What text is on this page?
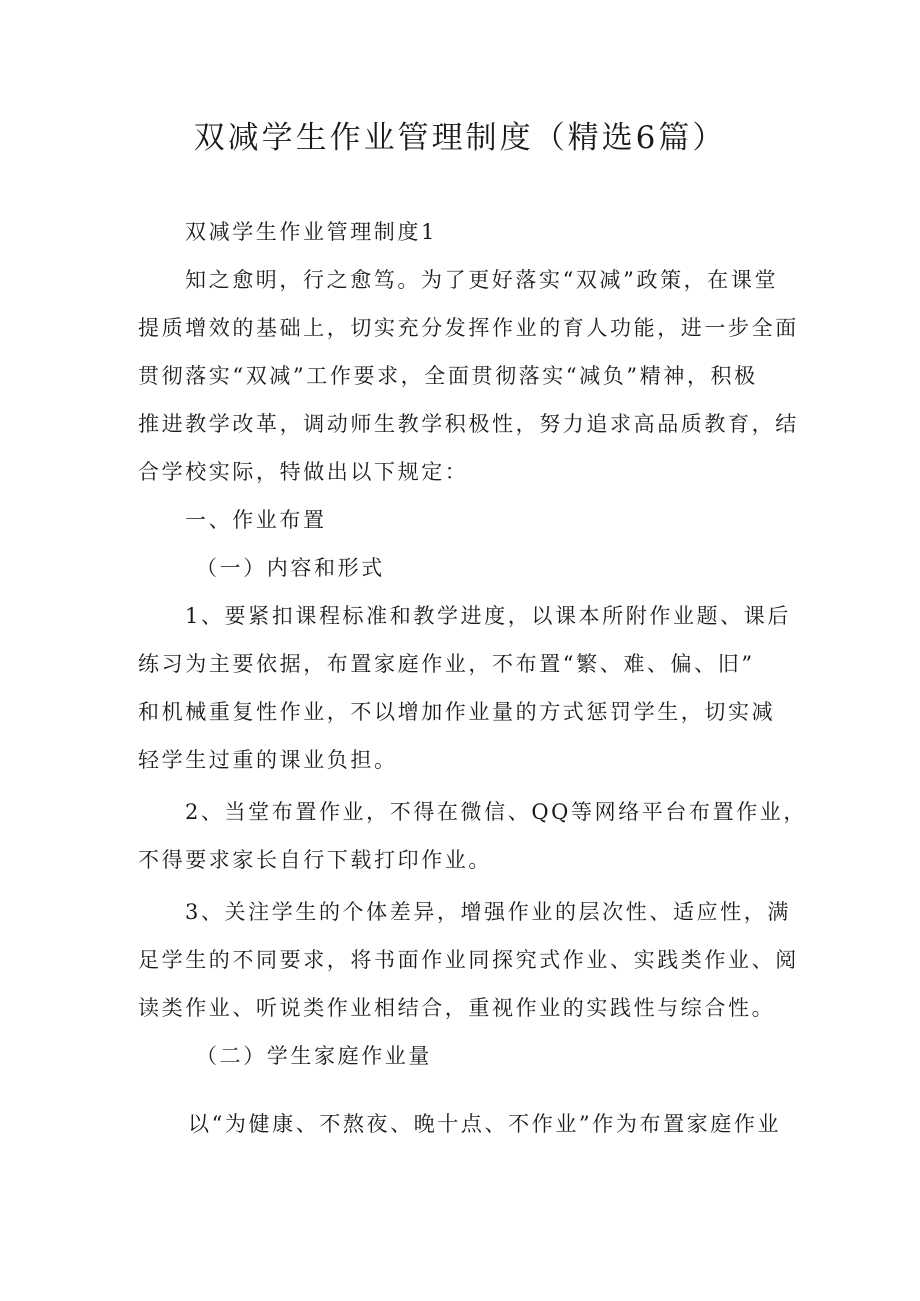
双减学生作业管理制度（精选6篇）
双减学生作业管理制度1
知之愈明，行之愈笃。为了更好落实“双减”政策，在课堂
提质增效的基础上，切实充分发挥作业的育人功能，进一步全面
贯彻落实“双减”工作要求，全面贯彻落实“减负”精神，积极
推进教学改革，调动师生教学积极性，努力追求高品质教育，结
合学校实际，特做出以下规定：
一、作业布置
（一）内容和形式
1、要紧扣课程标准和教学进度，以课本所附作业题、课后
练习为主要依据，布置家庭作业，不布置“繁、难、偏、旧”
和机械重复性作业，不以增加作业量的方式惩罚学生，切实减
轻学生过重的课业负担。
2、当堂布置作业，不得在微信、QQ等网络平台布置作业，
不得要求家长自行下载打印作业。
3、关注学生的个体差异，增强作业的层次性、适应性，满
足学生的不同要求，将书面作业同探究式作业、实践类作业、阅
读类作业、听说类作业相结合，重视作业的实践性与综合性。
（二）学生家庭作业量
以“为健康、不熬夜、晚十点、不作业”作为布置家庭作业
